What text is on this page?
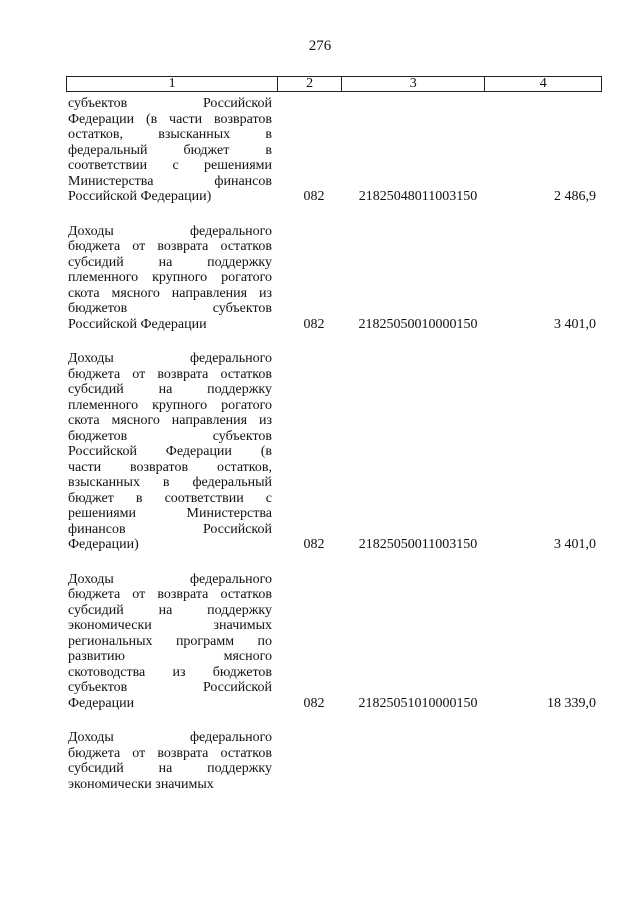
276
1	2	3	4
субъектов Российской
Федерации (в части возвратов
остатков, взысканных в
федеральный бюджет в
соответствии с решениями
Министерства финансов
Российской Федерации)	082	21825048011003150	2 486,9
Доходы федерального
бюджета от возврата остатков
субсидий на поддержку
племенного крупного рогатого
скота мясного направления из
бюджетов субъектов
Российской Федерации	082	21825050010000150	3 401,0
Доходы федерального
бюджета от возврата остатков
субсидий на поддержку
племенного крупного рогатого
скота мясного направления из
бюджетов субъектов
Российской Федерации (в
части возвратов остатков,
взысканных в федеральный
бюджет в соответствии с
решениями Министерства
финансов Российской
Федерации)	082	21825050011003150	3 401,0
Доходы федерального
бюджета от возврата остатков
субсидий на поддержку
экономически значимых
региональных программ по
развитию мясного
скотоводства из бюджетов
субъектов Российской
Федерации	082	21825051010000150	18 339,0
Доходы федерального
бюджета от возврата остатков
субсидий на поддержку
экономически значимых
